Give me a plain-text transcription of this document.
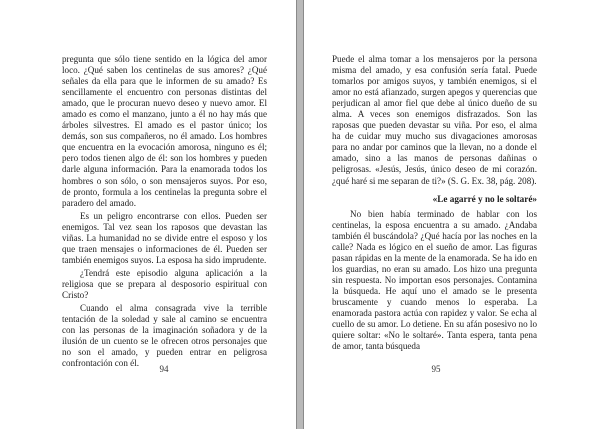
pregunta que sólo tiene sentido en la lógica del amor loco. ¿Qué saben los centinelas de sus amores? ¿Qué señales da ella para que le informen de su amado? Es sencillamente el encuentro con personas distintas del amado, que le procuran nuevo deseo y nuevo amor. El amado es como el manzano, junto a él no hay más que árboles silvestres. El amado es el pastor único; los demás, son sus compañeros, no él amado. Los hombres que encuentra en la evocación amorosa, ninguno es él; pero todos tienen algo de él: son los hombres y pueden darle alguna información. Para la enamorada todos los hombres o son sólo, o son mensajeros suyos. Por eso, de pronto, formula a los centinelas la pregunta sobre el paradero del amado.

Es un peligro encontrarse con ellos. Pueden ser enemigos. Tal vez sean los raposos que devastan las viñas. La humanidad no se divide entre el esposo y los que traen mensajes o informaciones de él. Pueden ser también enemigos suyos. La esposa ha sido imprudente.

¿Tendrá este episodio alguna aplicación a la religiosa que se prepara al desposorio espiritual con Cristo?

Cuando el alma consagrada vive la terrible tentación de la soledad y sale al camino se encuentra con las personas de la imaginación soñadora y de la ilusión de un cuento se le ofrecen otros personajes que no son el amado, y pueden entrar en peligrosa confrontación con él.

94

Puede el alma tomar a los mensajeros por la persona misma del amado, y esa confusión sería fatal. Puede tomarlos por amigos suyos, y también enemigos, si el amor no está afianzado, surgen apegos y querencias que perjudican al amor fiel que debe al único dueño de su alma. A veces son enemigos disfrazados. Son las raposas que pueden devastar su viña. Por eso, el alma ha de cuidar muy mucho sus divagaciones amorosas para no andar por caminos que la llevan, no a donde el amado, sino a las manos de personas dañinas o peligrosas. «Jesús, Jesús, único deseo de mi corazón. ¿qué haré si me separan de ti?» (S. G. Ex. 38, pág. 208).

«Le agarré y no le soltaré»

No bien había terminado de hablar con los centinelas, la esposa encuentra a su amado. ¿Andaba también él buscándola? ¿Qué hacía por las noches en la calle? Nada es lógico en el sueño de amor. Las figuras pasan rápidas en la mente de la enamorada. Se ha ido en los guardias, no eran su amado. Los hizo una pregunta sin respuesta. No importan esos personajes. Contamina la búsqueda. He aquí uno el amado se le presenta bruscamente y cuando menos lo esperaba. La enamorada pastora actúa con rapidez y valor. Se echa al cuello de su amor. Lo detiene. En su afán posesivo no lo quiere soltar: «No le soltaré». Tanta espera, tanta pena de amor, tanta búsqueda

95
